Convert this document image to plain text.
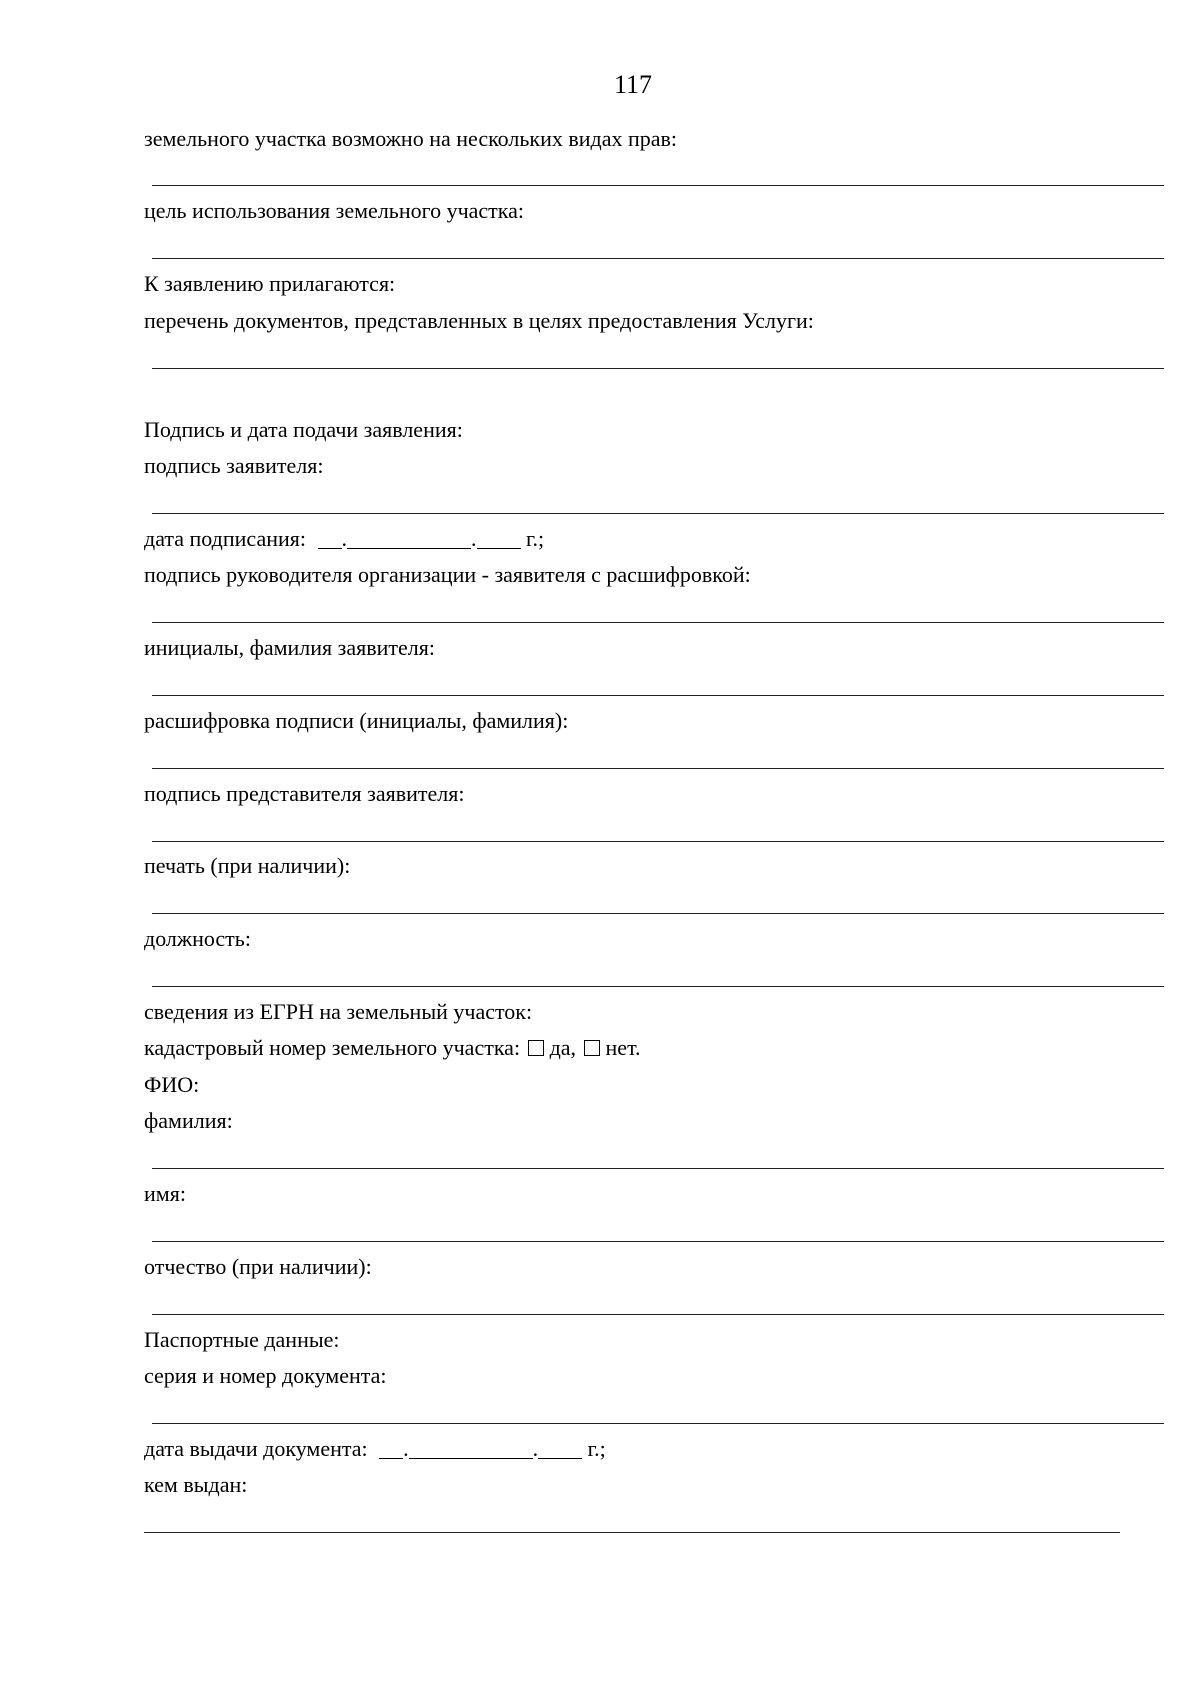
117
земельного участка возможно на нескольких видах прав:
цель использования земельного участка:
К заявлению прилагаются:
перечень документов, представленных в целях предоставления Услуги:
Подпись и дата подачи заявления:
подпись заявителя:
дата подписания: .	. г.;
подпись руководителя организации - заявителя с расшифровкой:
инициалы, фамилия заявителя:
расшифровка подписи (инициалы, фамилия):
подпись представителя заявителя:
печать (при наличии):
должность:
сведения из ЕГРН на земельный участок:
кадастровый номер земельного участка: да, нет.
ФИО:
фамилия:
имя:
отчество (при наличии):
Паспортные данные:
серия и номер документа:
дата выдачи документа: .	. г.;
кем выдан:
